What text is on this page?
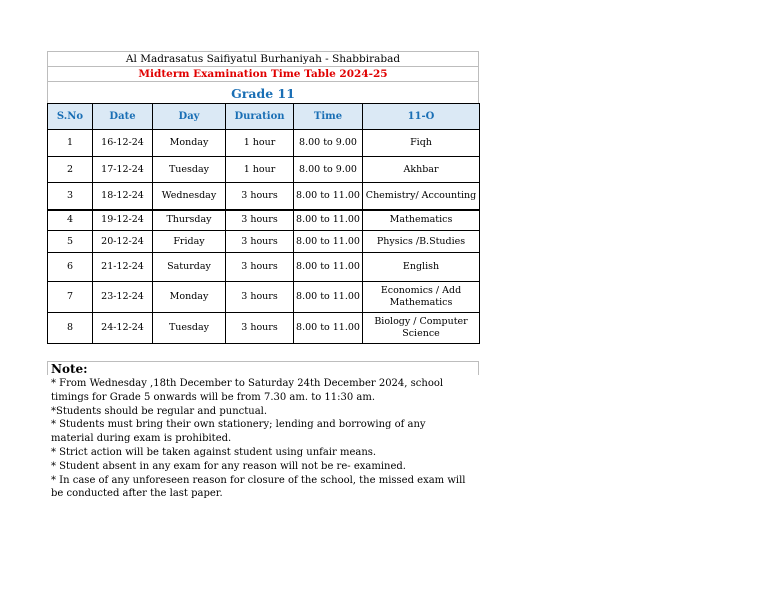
Al Madrasatus Saifiyatul Burhaniyah - Shabbirabad
Midterm Examination Time Table 2024-25
Grade 11
S.No	Date	Day	Duration	Time	11-O
1	16-12-24	Monday	1 hour	8.00 to 9.00	Fiqh
2	17-12-24	Tuesday	1 hour	8.00 to 9.00	Akhbar
3	18-12-24	Wednesday	3 hours	8.00 to 11.00	Chemistry/ Accounting
4	19-12-24	Thursday	3 hours	8.00 to 11.00	Mathematics
5	20-12-24	Friday	3 hours	8.00 to 11.00	Physics /B.Studies
6	21-12-24	Saturday	3 hours	8.00 to 11.00	English
7	23-12-24	Monday	3 hours	8.00 to 11.00	Economics / Add Mathematics
8	24-12-24	Tuesday	3 hours	8.00 to 11.00	Biology / Computer Science
Note:

* From Wednesday ,18th December to Saturday 24th December 2024, school timings for Grade 5 onwards will be from 7.30 am. to 11:30 am.

*Students should be regular and punctual.

* Students must bring their own stationery; lending and borrowing of any material during exam is prohibited.

* Strict action will be taken against student using unfair means.

* Student absent in any exam for any reason will not be re- examined.

* In case of any unforeseen reason for closure of the school, the missed exam will be conducted after the last paper.
